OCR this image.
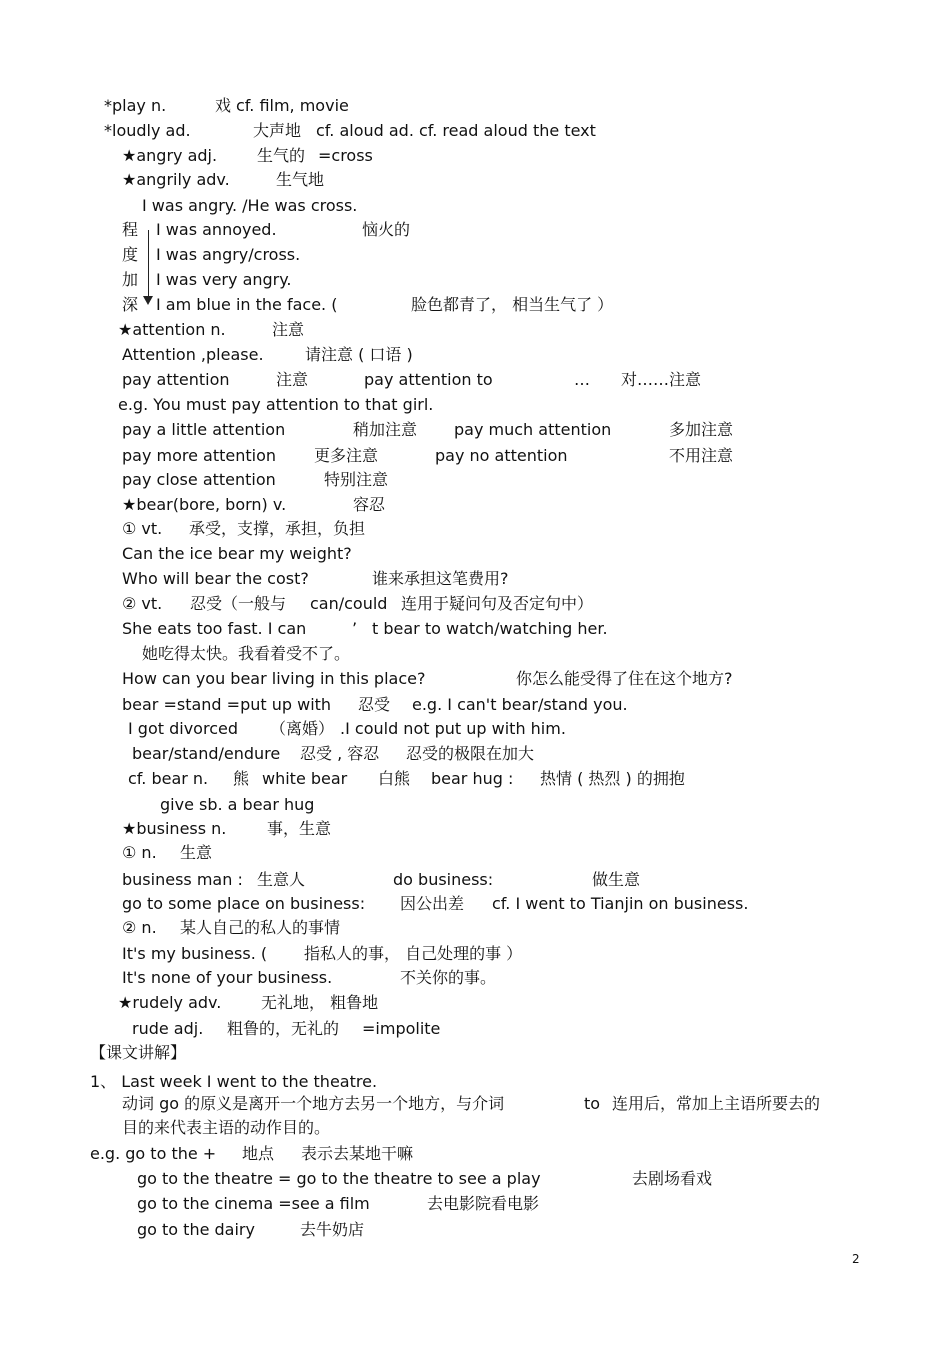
*play n.	戏 cf. film, movie
*loudly ad.	大声地 cf. aloud ad. cf. read aloud the text
★angry adj. 生气的 =cross
★angrily adv.	生气地
I was angry. /He was cross.
程
度
加
深
I was annoyed.	恼火的
I was angry/cross.
I was very angry.
I am blue in the face. (	脸色都青了， 相当生气了 ）
★attention n.	注意
Attention ,please.	请注意 ( 口语 )
pay attention	注意	pay attention to	… 对……注意
e.g. You must pay attention to that girl.
pay a little attention	稍加注意 pay much attention	多加注意
pay more attention 更多注意	pay no attention	不用注意
pay close attention	特别注意
★bear(bore, born) v.	容忍
① vt. 承受，支撑，承担，负担
Can the ice bear my weight?
Who will bear the cost?	谁来承担这笔费用?
② vt. 忍受（一般与 can/could 连用于疑问句及否定句中）
She eats too fast. I can	’ t bear to watch/watching her.
她吃得太快。我看着受不了。
How can you bear living in this place?	你怎么能受得了住在这个地方?
bear =stand =put up with 忍受 e.g. I can't bear/stand you.
I got divorced （离婚） .I could not put up with him.
bear/stand/endure 忍受 , 容忍 忍受的极限在加大
cf. bear n. 熊 white bear 白熊 bear hug : 热情 ( 热烈 ) 的拥抱
give sb. a bear hug
★business n.	事，生意
① n. 生意
business man : 生意人	do business:	做生意
go to some place on business: 因公出差 cf. I went to Tianjin on business.
② n. 某人自己的私人的事情
It's my business. ( 指私人的事， 自己处理的事 ）
It's none of your business.	不关你的事。
★rudely adv. 无礼地， 粗鲁地
rude adj. 粗鲁的，无礼的 =impolite
【课文讲解】
1、 Last week I went to the theatre.
动词 go 的原义是离开一个地方去另一个地方，与介词	to 连用后，常加上主语所要去的
目的来代表主语的动作目的。
e.g. go to the + 地点 表示去某地干嘛
go to the theatre = go to the theatre to see a play	去剧场看戏
go to the cinema =see a film	去电影院看电影
go to the dairy	去牛奶店
2
